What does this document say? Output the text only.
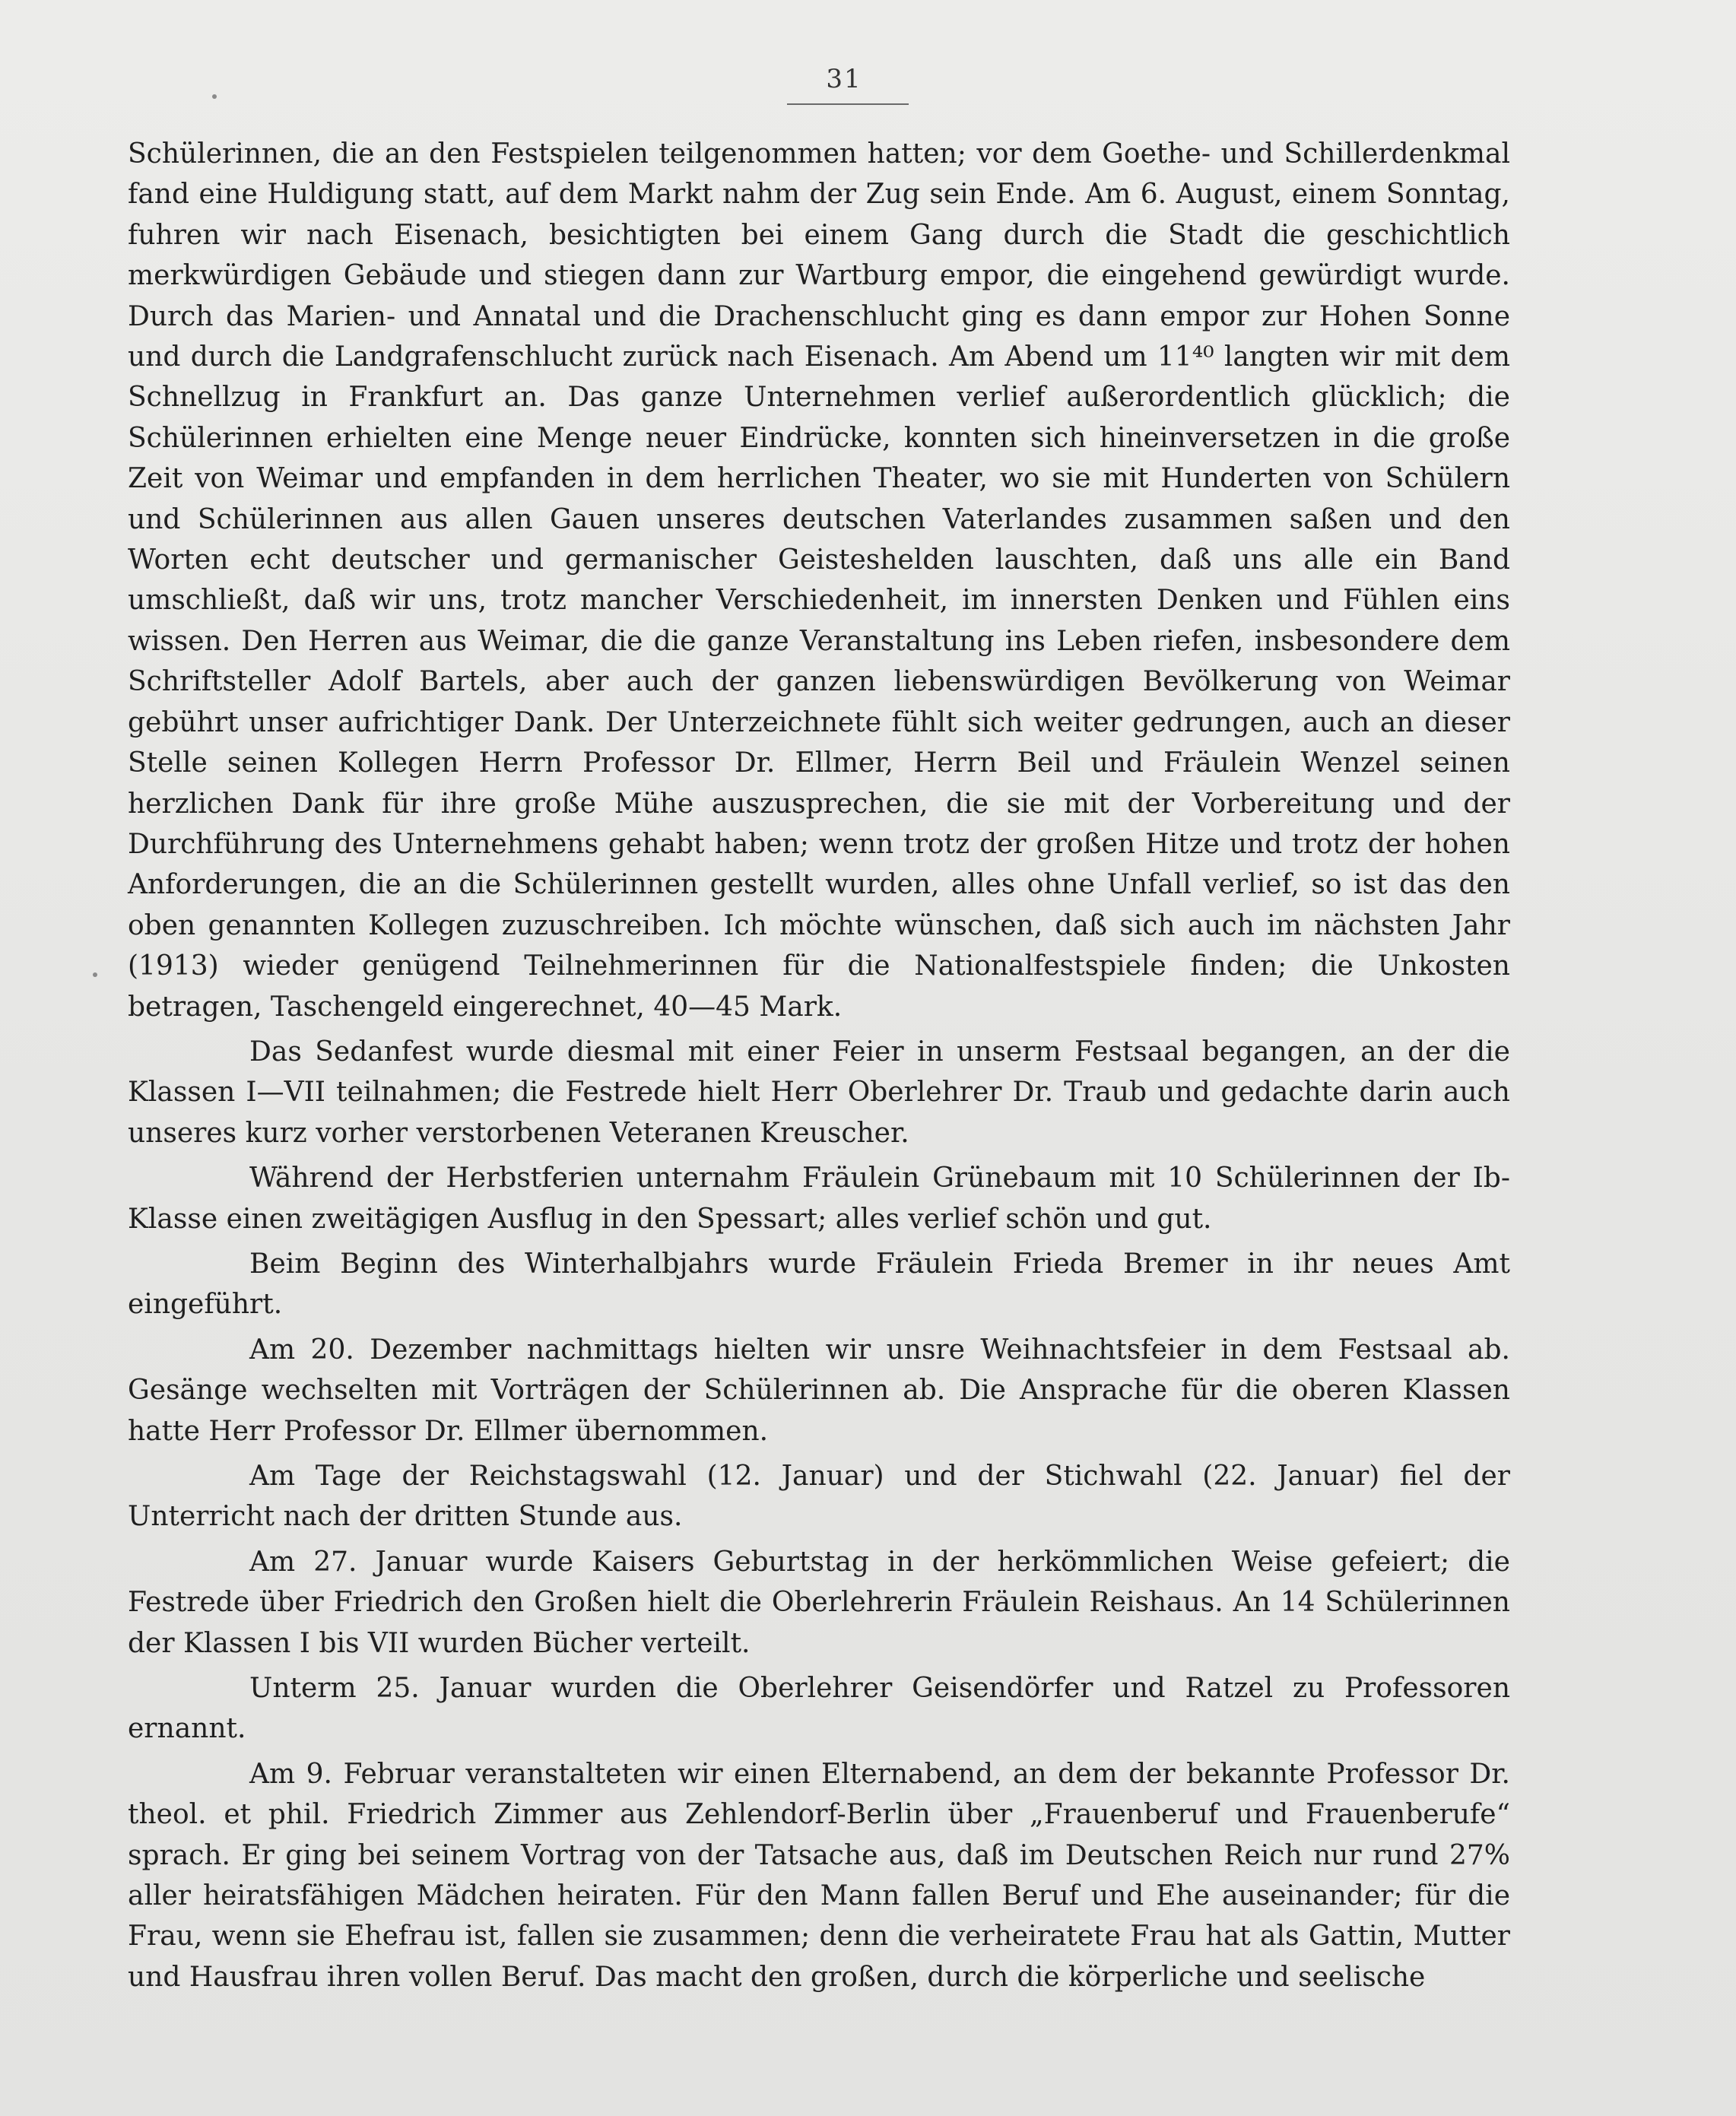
31

Schülerinnen, die an den Festspielen teilgenommen hatten; vor dem Goethe- und Schillerdenkmal fand eine Huldigung statt, auf dem Markt nahm der Zug sein Ende. Am 6. August, einem Sonntag, fuhren wir nach Eisenach, besichtigten bei einem Gang durch die Stadt die geschichtlich merkwürdigen Gebäude und stiegen dann zur Wartburg empor, die eingehend gewürdigt wurde. Durch das Marien- und Annatal und die Drachenschlucht ging es dann empor zur Hohen Sonne und durch die Landgrafenschlucht zurück nach Eisenach. Am Abend um 11⁴⁰ langten wir mit dem Schnellzug in Frankfurt an. Das ganze Unternehmen verlief außerordentlich glücklich; die Schülerinnen erhielten eine Menge neuer Eindrücke, konnten sich hineinversetzen in die große Zeit von Weimar und empfanden in dem herrlichen Theater, wo sie mit Hunderten von Schülern und Schülerinnen aus allen Gauen unseres deutschen Vaterlandes zusammen saßen und den Worten echt deutscher und germanischer Geisteshelden lauschten, daß uns alle ein Band umschließt, daß wir uns, trotz mancher Verschiedenheit, im innersten Denken und Fühlen eins wissen. Den Herren aus Weimar, die die ganze Veranstaltung ins Leben riefen, insbesondere dem Schriftsteller Adolf Bartels, aber auch der ganzen liebenswürdigen Bevölkerung von Weimar gebührt unser aufrichtiger Dank. Der Unterzeichnete fühlt sich weiter gedrungen, auch an dieser Stelle seinen Kollegen Herrn Professor Dr. Ellmer, Herrn Beil und Fräulein Wenzel seinen herzlichen Dank für ihre große Mühe auszusprechen, die sie mit der Vorbereitung und der Durchführung des Unternehmens gehabt haben; wenn trotz der großen Hitze und trotz der hohen Anforderungen, die an die Schülerinnen gestellt wurden, alles ohne Unfall verlief, so ist das den oben genannten Kollegen zuzuschreiben. Ich möchte wünschen, daß sich auch im nächsten Jahr (1913) wieder genügend Teilnehmerinnen für die Nationalfestspiele finden; die Unkosten betragen, Taschengeld eingerechnet, 40—45 Mark.

Das Sedanfest wurde diesmal mit einer Feier in unserm Festsaal begangen, an der die Klassen I—VII teilnahmen; die Festrede hielt Herr Oberlehrer Dr. Traub und gedachte darin auch unseres kurz vorher verstorbenen Veteranen Kreuscher.

Während der Herbstferien unternahm Fräulein Grünebaum mit 10 Schülerinnen der Ib-Klasse einen zweitägigen Ausflug in den Spessart; alles verlief schön und gut.

Beim Beginn des Winterhalbjahrs wurde Fräulein Frieda Bremer in ihr neues Amt eingeführt.

Am 20. Dezember nachmittags hielten wir unsre Weihnachtsfeier in dem Festsaal ab. Gesänge wechselten mit Vorträgen der Schülerinnen ab. Die Ansprache für die oberen Klassen hatte Herr Professor Dr. Ellmer übernommen.

Am Tage der Reichstagswahl (12. Januar) und der Stichwahl (22. Januar) fiel der Unterricht nach der dritten Stunde aus.

Am 27. Januar wurde Kaisers Geburtstag in der herkömmlichen Weise gefeiert; die Festrede über Friedrich den Großen hielt die Oberlehrerin Fräulein Reishaus. An 14 Schülerinnen der Klassen I bis VII wurden Bücher verteilt.

Unterm 25. Januar wurden die Oberlehrer Geisendörfer und Ratzel zu Professoren ernannt.

Am 9. Februar veranstalteten wir einen Elternabend, an dem der bekannte Professor Dr. theol. et phil. Friedrich Zimmer aus Zehlendorf-Berlin über „Frauenberuf und Frauenberufe“ sprach. Er ging bei seinem Vortrag von der Tatsache aus, daß im Deutschen Reich nur rund 27% aller heiratsfähigen Mädchen heiraten. Für den Mann fallen Beruf und Ehe auseinander; für die Frau, wenn sie Ehefrau ist, fallen sie zusammen; denn die verheiratete Frau hat als Gattin, Mutter und Hausfrau ihren vollen Beruf. Das macht den großen, durch die körperliche und seelische
